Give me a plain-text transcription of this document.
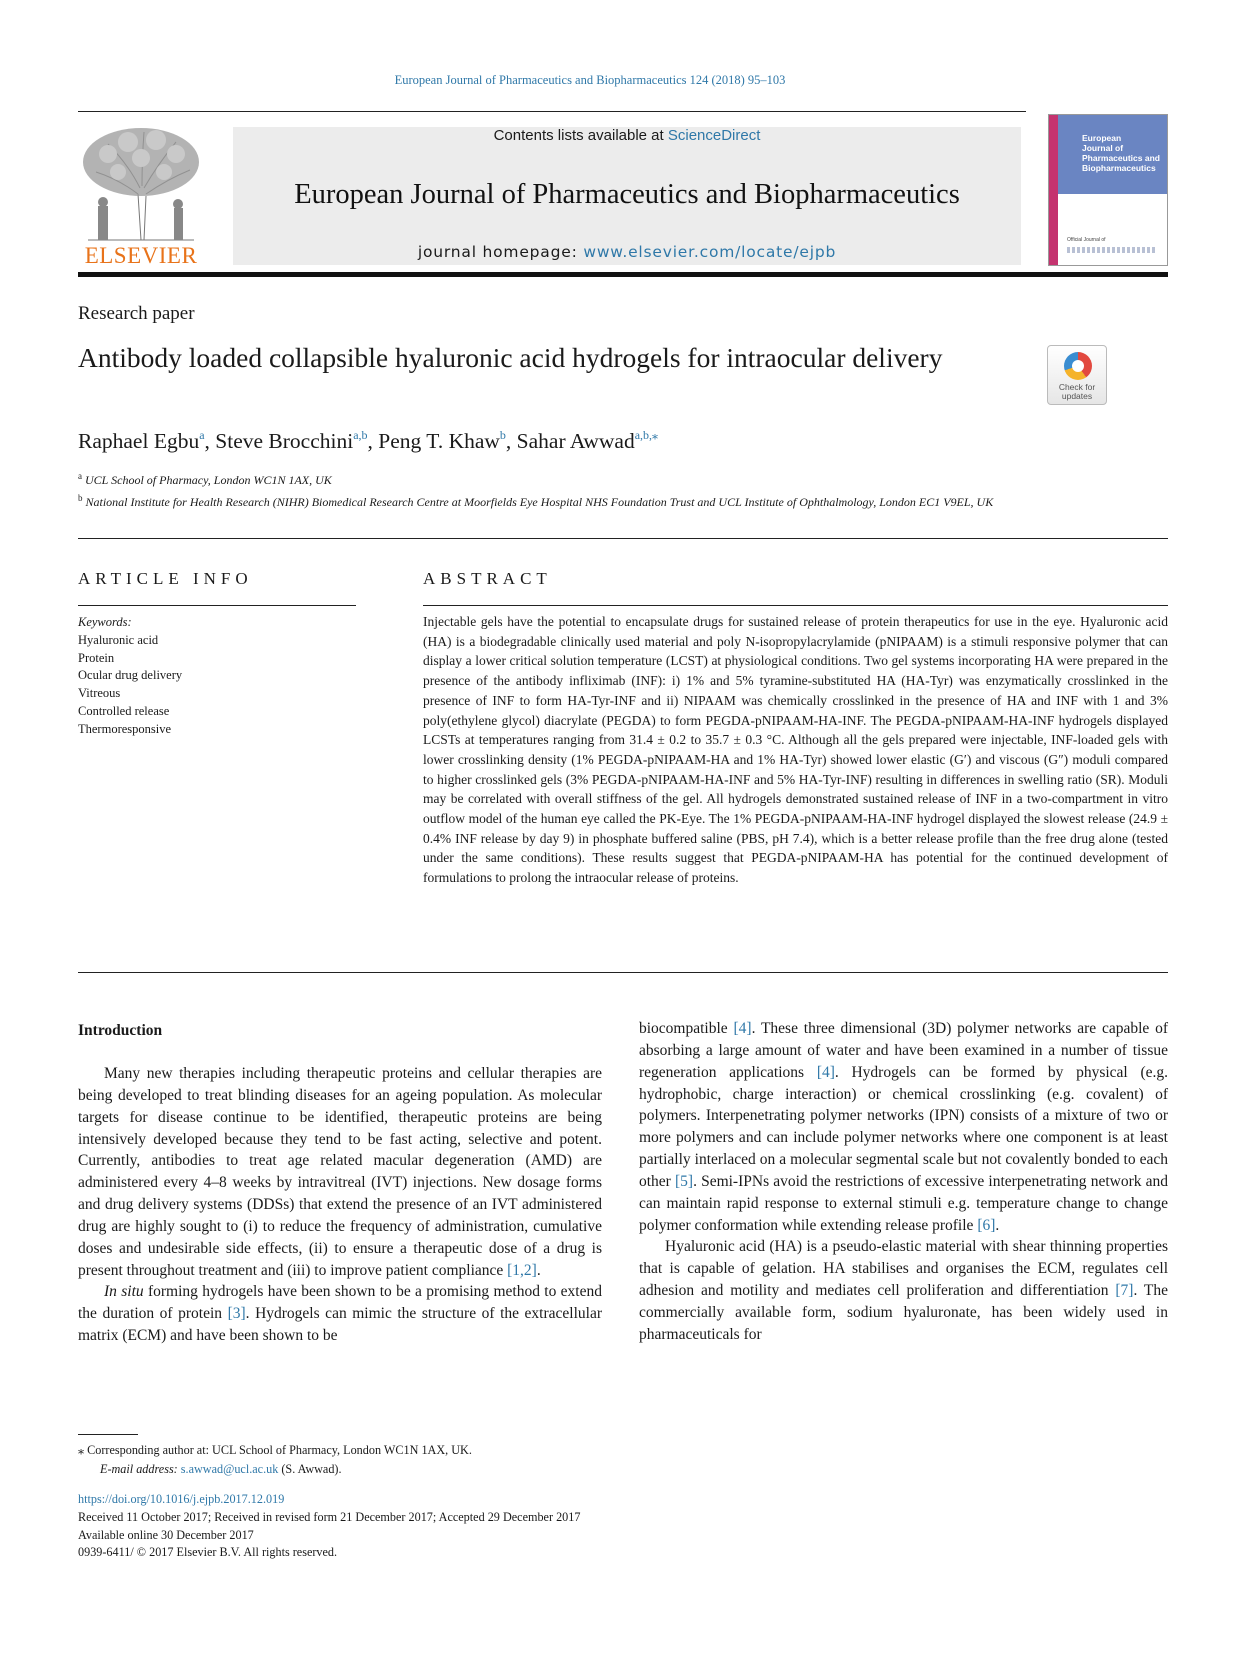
European Journal of Pharmaceutics and Biopharmaceutics 124 (2018) 95–103
ELSEVIER
Contents lists available at ScienceDirect
European Journal of Pharmaceutics and Biopharmaceutics
journal homepage: www.elsevier.com/locate/ejpb
European
Journal of
Pharmaceutics and
Biopharmaceutics
Official Journal of
Research paper
Antibody loaded collapsible hyaluronic acid hydrogels for intraocular delivery
Check for updates
Raphael Egbu$^a$, Steve Brocchini$^{a,b}$, Peng T. Khaw$^b$, Sahar Awwad$^{a,b,⁎}$
$^a$ UCL School of Pharmacy, London WC1N 1AX, UK
$^b$ National Institute for Health Research (NIHR) Biomedical Research Centre at Moorfields Eye Hospital NHS Foundation Trust and UCL Institute of Ophthalmology, London EC1 V9EL, UK
ARTICLE INFO
Keywords:
Hyaluronic acid
Protein
Ocular drug delivery
Vitreous
Controlled release
Thermoresponsive
ABSTRACT
Injectable gels have the potential to encapsulate drugs for sustained release of protein therapeutics for use in the eye. Hyaluronic acid (HA) is a biodegradable clinically used material and poly N-isopropylacrylamide (pNIPAAM) is a stimuli responsive polymer that can display a lower critical solution temperature (LCST) at physiological conditions. Two gel systems incorporating HA were prepared in the presence of the antibody infliximab (INF): i) 1% and 5% tyramine-substituted HA (HA-Tyr) was enzymatically crosslinked in the presence of INF to form HA-Tyr-INF and ii) NIPAAM was chemically crosslinked in the presence of HA and INF with 1 and 3% poly(ethylene glycol) diacrylate (PEGDA) to form PEGDA-pNIPAAM-HA-INF. The PEGDA-pNIPAAM-HA-INF hydrogels displayed LCSTs at temperatures ranging from 31.4 ± 0.2 to 35.7 ± 0.3 °C. Although all the gels prepared were injectable, INF-loaded gels with lower crosslinking density (1% PEGDA-pNIPAAM-HA and 1% HA-Tyr) showed lower elastic (G′) and viscous (G″) moduli compared to higher crosslinked gels (3% PEGDA-pNIPAAM-HA-INF and 5% HA-Tyr-INF) resulting in differences in swelling ratio (SR). Moduli may be correlated with overall stiffness of the gel. All hydrogels demonstrated sustained release of INF in a two-compartment in vitro outflow model of the human eye called the PK-Eye. The 1% PEGDA-pNIPAAM-HA-INF hydrogel displayed the slowest release (24.9 ± 0.4% INF release by day 9) in phosphate buffered saline (PBS, pH 7.4), which is a better release profile than the free drug alone (tested under the same conditions). These results suggest that PEGDA-pNIPAAM-HA has potential for the continued development of formulations to prolong the intraocular release of proteins.
Introduction

Many new therapies including therapeutic proteins and cellular therapies are being developed to treat blinding diseases for an ageing population. As molecular targets for disease continue to be identified, therapeutic proteins are being intensively developed because they tend to be fast acting, selective and potent. Currently, antibodies to treat age related macular degeneration (AMD) are administered every 4–8 weeks by intravitreal (IVT) injections. New dosage forms and drug delivery systems (DDSs) that extend the presence of an IVT administered drug are highly sought to (i) to reduce the frequency of administration, cumulative doses and undesirable side effects, (ii) to ensure a therapeutic dose of a drug is present throughout treatment and (iii) to improve patient compliance [1,2].

In situ forming hydrogels have been shown to be a promising method to extend the duration of protein [3]. Hydrogels can mimic the structure of the extracellular matrix (ECM) and have been shown to be

biocompatible [4]. These three dimensional (3D) polymer networks are capable of absorbing a large amount of water and have been examined in a number of tissue regeneration applications [4]. Hydrogels can be formed by physical (e.g. hydrophobic, charge interaction) or chemical crosslinking (e.g. covalent) of polymers. Interpenetrating polymer networks (IPN) consists of a mixture of two or more polymers and can include polymer networks where one component is at least partially interlaced on a molecular segmental scale but not covalently bonded to each other [5]. Semi-IPNs avoid the restrictions of excessive interpenetrating network and can maintain rapid response to external stimuli e.g. temperature change to change polymer conformation while extending release profile [6].

Hyaluronic acid (HA) is a pseudo-elastic material with shear thinning properties that is capable of gelation. HA stabilises and organises the ECM, regulates cell adhesion and motility and mediates cell proliferation and differentiation [7]. The commercially available form, sodium hyaluronate, has been widely used in pharmaceuticals for

⁎ Corresponding author at: UCL School of Pharmacy, London WC1N 1AX, UK.
E-mail address: s.awwad@ucl.ac.uk (S. Awwad).
https://doi.org/10.1016/j.ejpb.2017.12.019
Received 11 October 2017; Received in revised form 21 December 2017; Accepted 29 December 2017
Available online 30 December 2017
0939-6411/ © 2017 Elsevier B.V. All rights reserved.
